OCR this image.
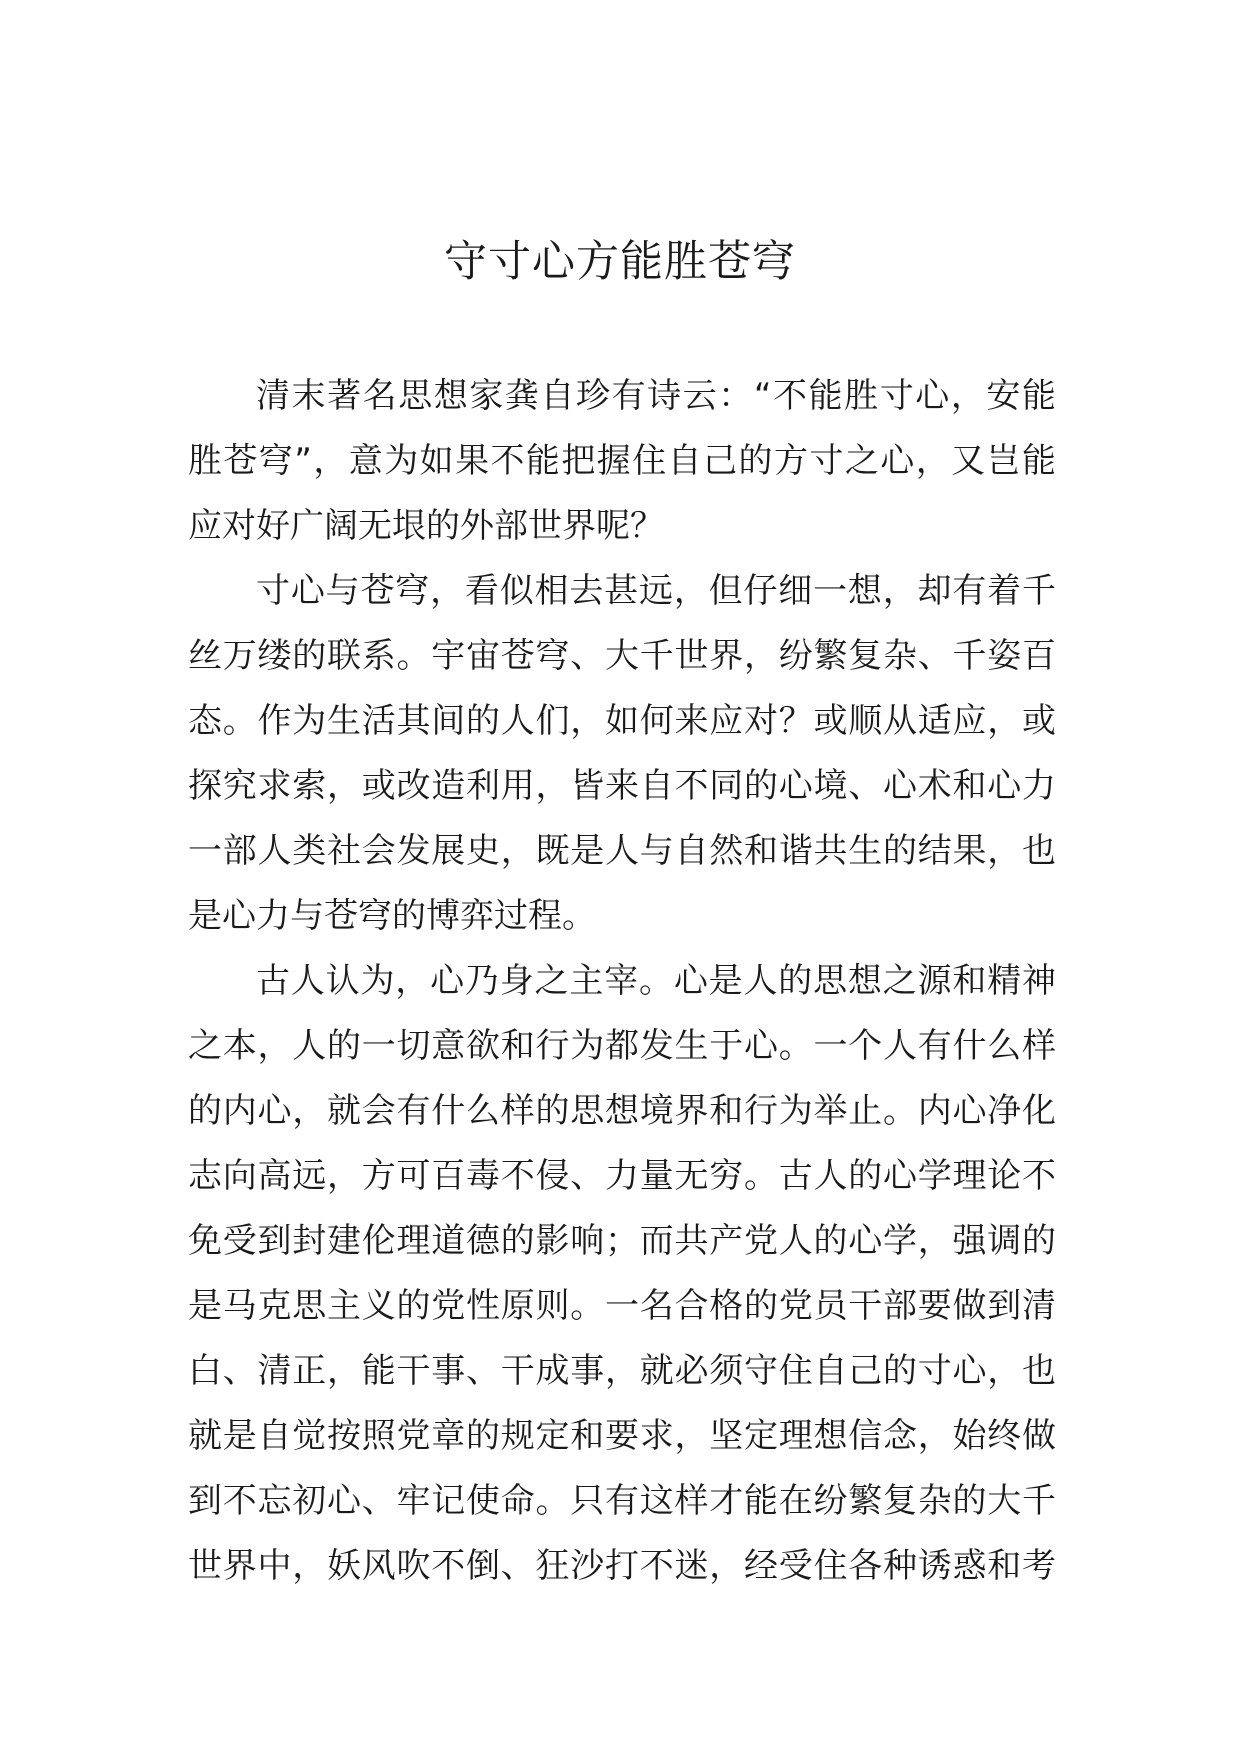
守寸心方能胜苍穹
清末著名思想家龚自珍有诗云：“不能胜寸心，安能
胜苍穹”，意为如果不能把握住自己的方寸之心，又岂能
应对好广阔无垠的外部世界呢？
寸心与苍穹，看似相去甚远，但仔细一想，却有着千
丝万缕的联系。宇宙苍穹、大千世界，纷繁复杂、千姿百
态。作为生活其间的人们，如何来应对？或顺从适应，或
探究求索，或改造利用，皆来自不同的心境、心术和心力
一部人类社会发展史，既是人与自然和谐共生的结果，也
是心力与苍穹的博弈过程。
古人认为，心乃身之主宰。心是人的思想之源和精神
之本，人的一切意欲和行为都发生于心。一个人有什么样
的内心，就会有什么样的思想境界和行为举止。内心净化
志向高远，方可百毒不侵、力量无穷。古人的心学理论不
免受到封建伦理道德的影响；而共产党人的心学，强调的
是马克思主义的党性原则。一名合格的党员干部要做到清
白、清正，能干事、干成事，就必须守住自己的寸心，也
就是自觉按照党章的规定和要求，坚定理想信念，始终做
到不忘初心、牢记使命。只有这样才能在纷繁复杂的大千
世界中，妖风吹不倒、狂沙打不迷，经受住各种诱惑和考
